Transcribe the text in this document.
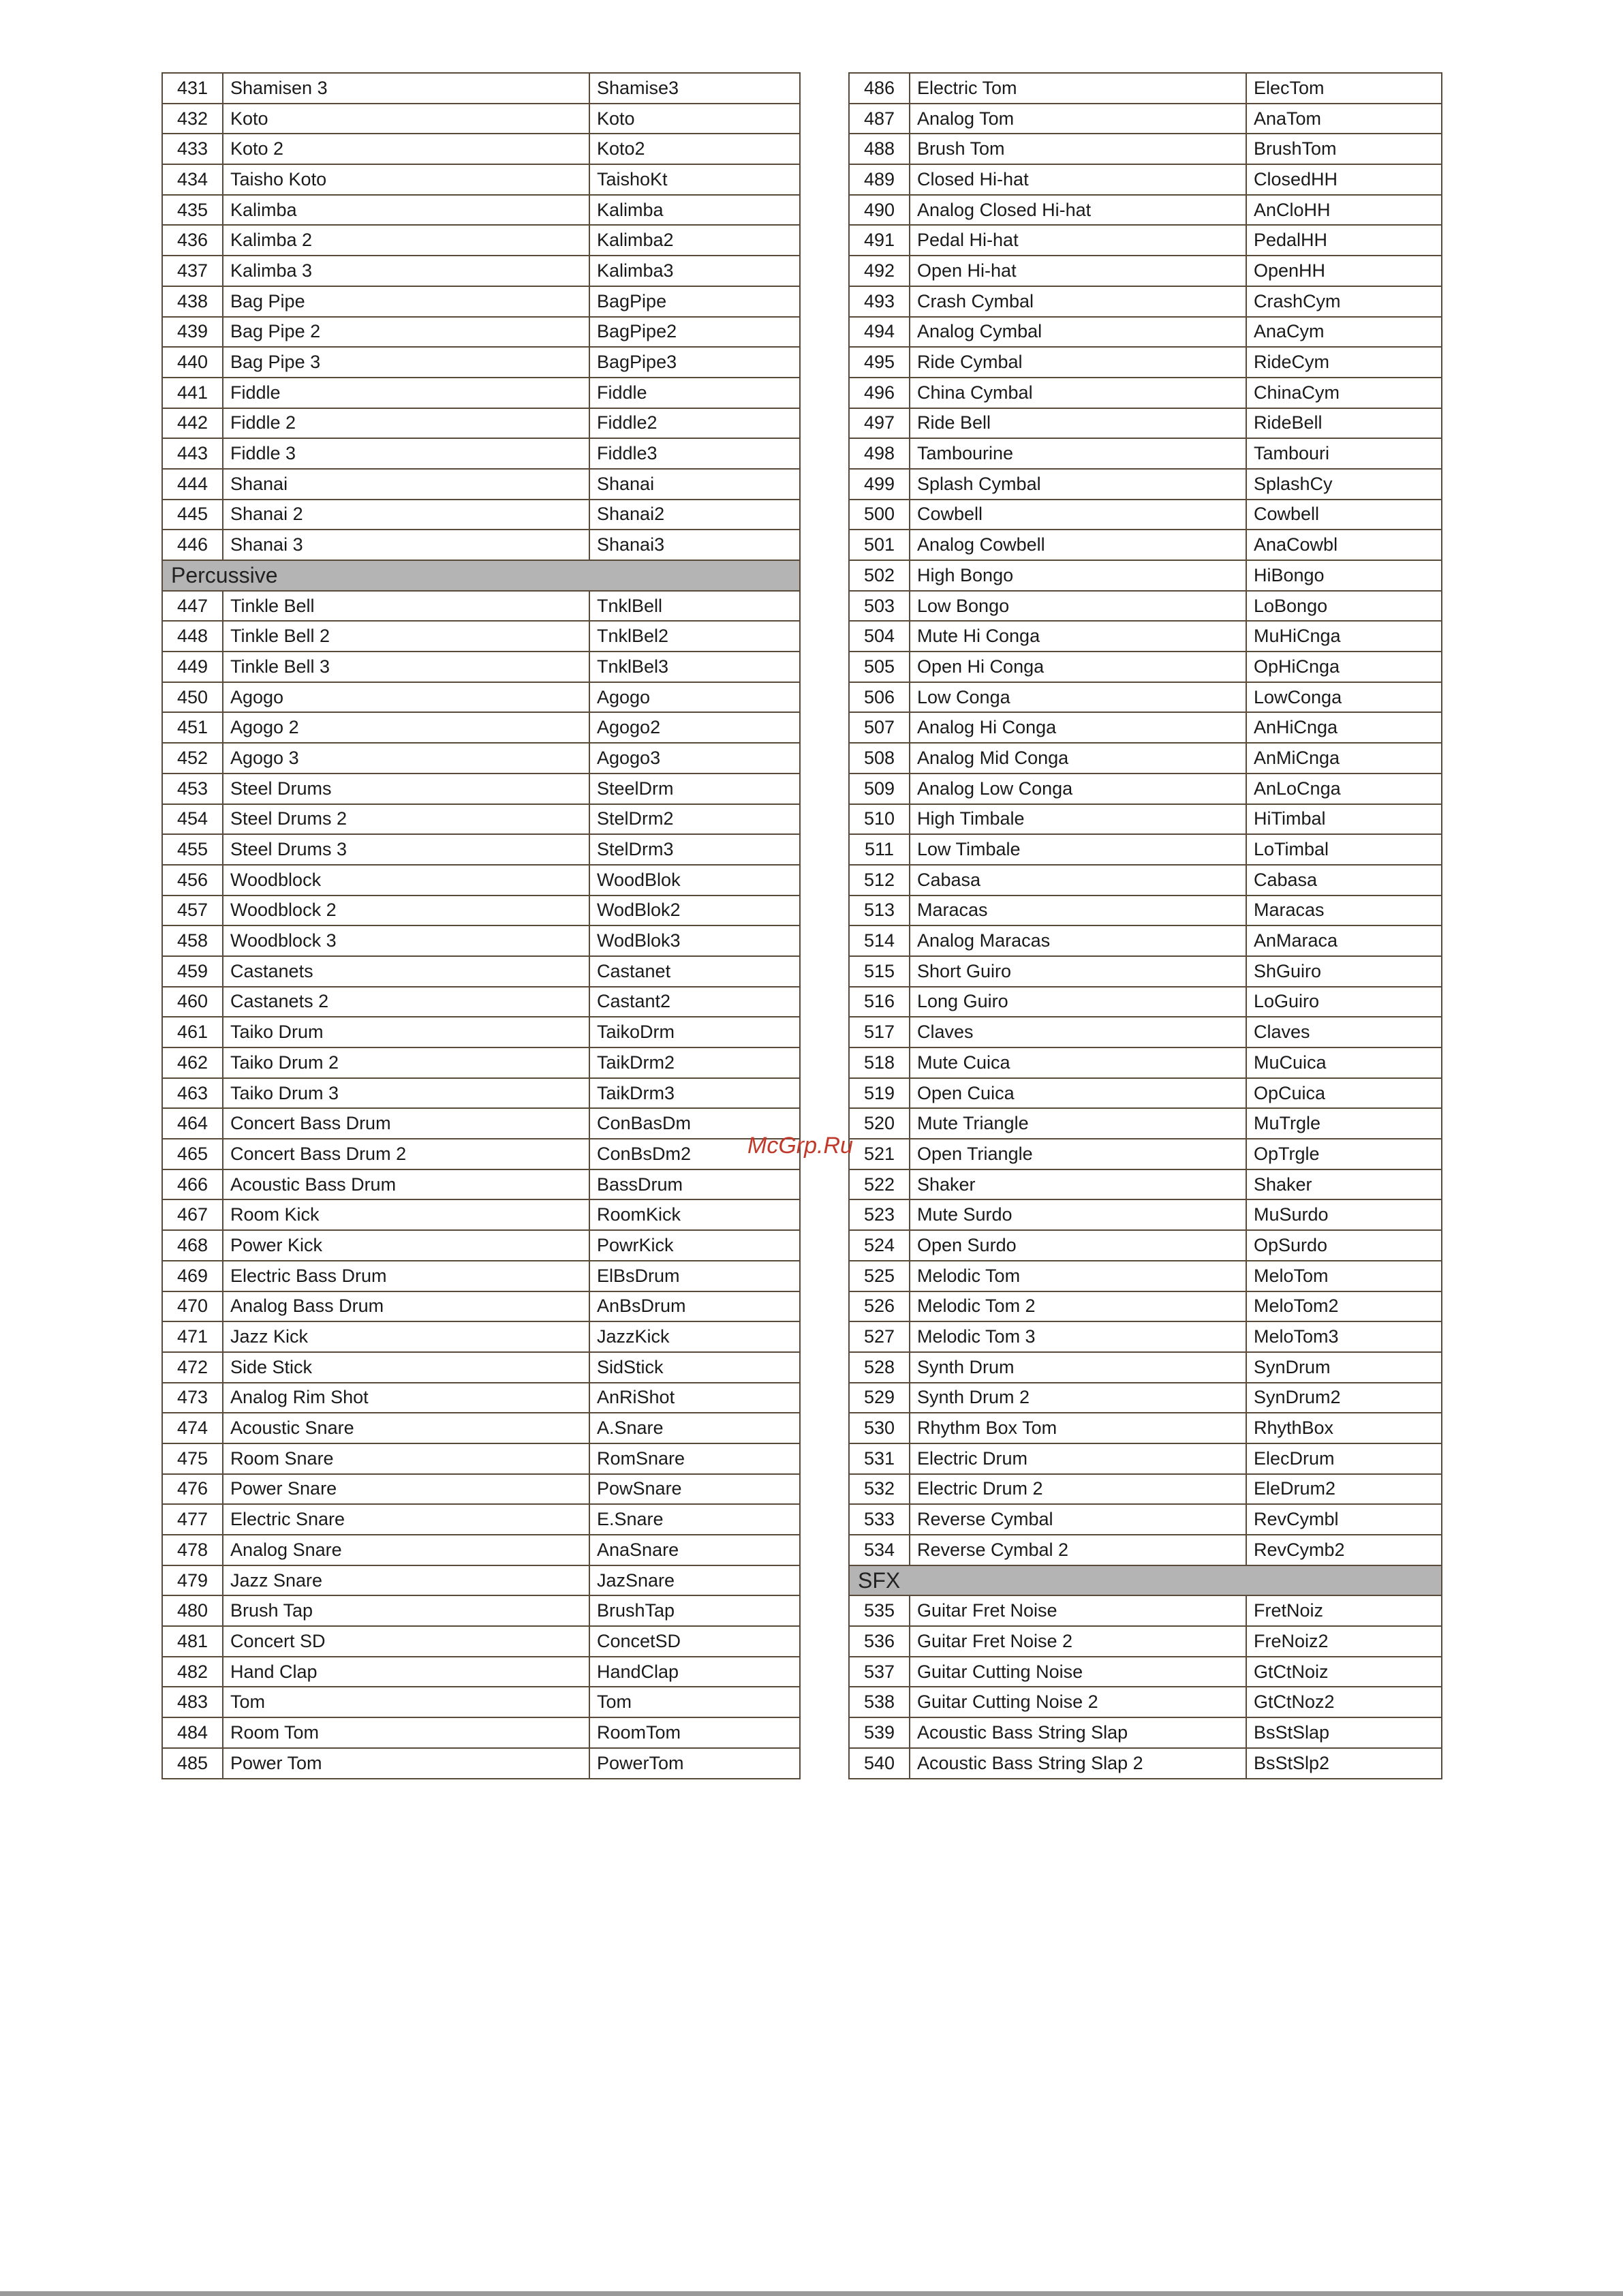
431	Shamisen 3	Shamise3
432	Koto	Koto
433	Koto 2	Koto2
434	Taisho Koto	TaishoKt
435	Kalimba	Kalimba
436	Kalimba 2	Kalimba2
437	Kalimba 3	Kalimba3
438	Bag Pipe	BagPipe
439	Bag Pipe 2	BagPipe2
440	Bag Pipe 3	BagPipe3
441	Fiddle	Fiddle
442	Fiddle 2	Fiddle2
443	Fiddle 3	Fiddle3
444	Shanai	Shanai
445	Shanai 2	Shanai2
446	Shanai 3	Shanai3
Percussive		
447	Tinkle Bell	TnklBell
448	Tinkle Bell 2	TnklBel2
449	Tinkle Bell 3	TnklBel3
450	Agogo	Agogo
451	Agogo 2	Agogo2
452	Agogo 3	Agogo3
453	Steel Drums	SteelDrm
454	Steel Drums 2	StelDrm2
455	Steel Drums 3	StelDrm3
456	Woodblock	WoodBlok
457	Woodblock 2	WodBlok2
458	Woodblock 3	WodBlok3
459	Castanets	Castanet
460	Castanets 2	Castant2
461	Taiko Drum	TaikoDrm
462	Taiko Drum 2	TaikDrm2
463	Taiko Drum 3	TaikDrm3
464	Concert Bass Drum	ConBasDm
465	Concert Bass Drum 2	ConBsDm2
466	Acoustic Bass Drum	BassDrum
467	Room Kick	RoomKick
468	Power Kick	PowrKick
469	Electric Bass Drum	ElBsDrum
470	Analog Bass Drum	AnBsDrum
471	Jazz Kick	JazzKick
472	Side Stick	SidStick
473	Analog Rim Shot	AnRiShot
474	Acoustic Snare	A.Snare
475	Room Snare	RomSnare
476	Power Snare	PowSnare
477	Electric Snare	E.Snare
478	Analog Snare	AnaSnare
479	Jazz Snare	JazSnare
480	Brush Tap	BrushTap
481	Concert SD	ConcetSD
482	Hand Clap	HandClap
483	Tom	Tom
484	Room Tom	RoomTom
485	Power Tom	PowerTom
486	Electric Tom	ElecTom
487	Analog Tom	AnaTom
488	Brush Tom	BrushTom
489	Closed Hi-hat	ClosedHH
490	Analog Closed Hi-hat	AnCloHH
491	Pedal Hi-hat	PedalHH
492	Open Hi-hat	OpenHH
493	Crash Cymbal	CrashCym
494	Analog Cymbal	AnaCym
495	Ride Cymbal	RideCym
496	China Cymbal	ChinaCym
497	Ride Bell	RideBell
498	Tambourine	Tambouri
499	Splash Cymbal	SplashCy
500	Cowbell	Cowbell
501	Analog Cowbell	AnaCowbl
502	High Bongo	HiBongo
503	Low Bongo	LoBongo
504	Mute Hi Conga	MuHiCnga
505	Open Hi Conga	OpHiCnga
506	Low Conga	LowConga
507	Analog Hi Conga	AnHiCnga
508	Analog Mid Conga	AnMiCnga
509	Analog Low Conga	AnLoCnga
510	High Timbale	HiTimbal
511	Low Timbale	LoTimbal
512	Cabasa	Cabasa
513	Maracas	Maracas
514	Analog Maracas	AnMaraca
515	Short Guiro	ShGuiro
516	Long Guiro	LoGuiro
517	Claves	Claves
518	Mute Cuica	MuCuica
519	Open Cuica	OpCuica
520	Mute Triangle	MuTrgle
521	Open Triangle	OpTrgle
522	Shaker	Shaker
523	Mute Surdo	MuSurdo
524	Open Surdo	OpSurdo
525	Melodic Tom	MeloTom
526	Melodic Tom 2	MeloTom2
527	Melodic Tom 3	MeloTom3
528	Synth Drum	SynDrum
529	Synth Drum 2	SynDrum2
530	Rhythm Box Tom	RhythBox
531	Electric Drum	ElecDrum
532	Electric Drum 2	EleDrum2
533	Reverse Cymbal	RevCymbl
534	Reverse Cymbal 2	RevCymb2
SFX		
535	Guitar Fret Noise	FretNoiz
536	Guitar Fret Noise 2	FreNoiz2
537	Guitar Cutting Noise	GtCtNoiz
538	Guitar Cutting Noise 2	GtCtNoz2
539	Acoustic Bass String Slap	BsStSlap
540	Acoustic Bass String Slap 2	BsStSlp2
McGrp.Ru
